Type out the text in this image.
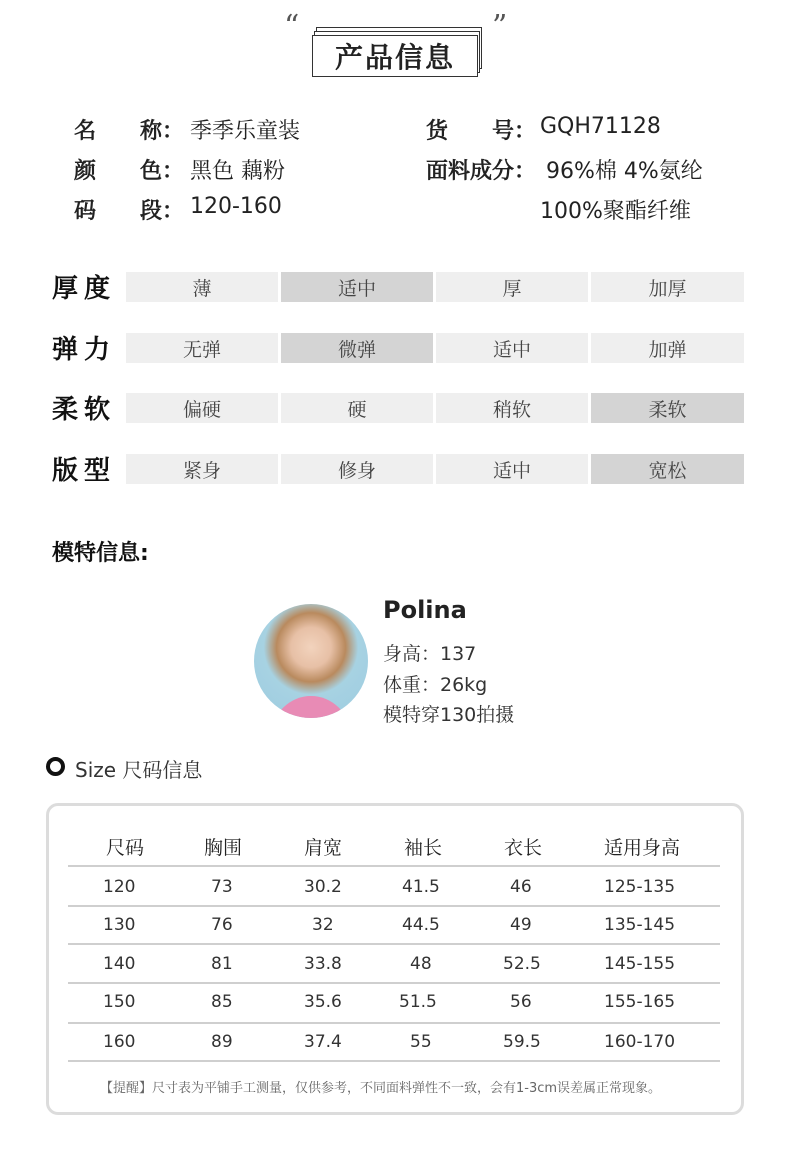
“	”
产品信息
名　　称： 季季乐童装	货　　号： GQH71128
颜　　色： 黑色 藕粉	面料成分： 96%棉 4%氨纶
码　　段： 120-160	100%聚酯纤维
厚度	薄	适中	厚	加厚
弹力	无弹	微弹	适中	加弹
柔软	偏硬	硬	稍软	柔软
版型	紧身	修身	适中	宽松
模特信息:
Polina
身高：137
体重：26kg
模特穿130拍摄
Size 尺码信息
尺码	胸围	肩宽	袖长	衣长	适用身高
120	73	30.2	41.5	46	125-135
130	76	32	44.5	49	135-145
140	81	33.8	48	52.5	145-155
150	85	35.6	51.5	56	155-165
160	89	37.4	55	59.5	160-170
【提醒】尺寸表为平铺手工测量，仅供参考，不同面料弹性不一致，会有1-3cm误差属正常现象。
